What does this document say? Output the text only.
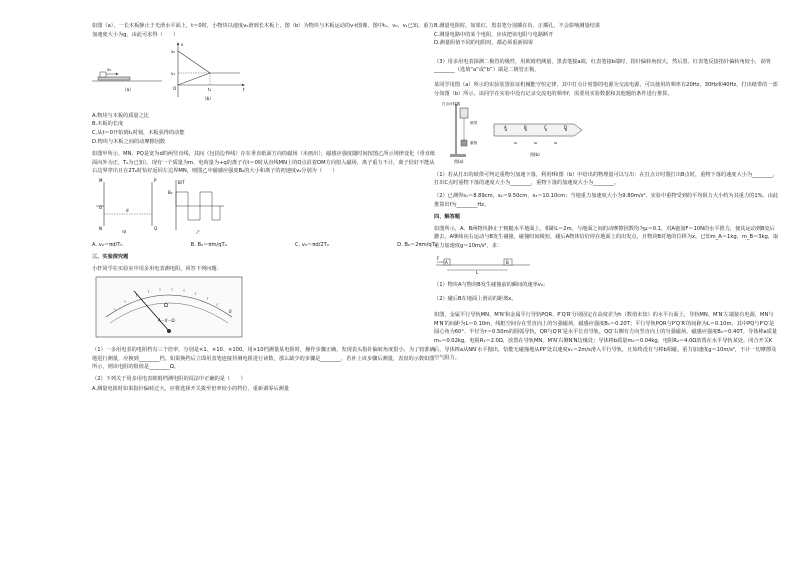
如图（a），一长木板静止于光滑水平面上，t＝0时，小物块以速度v₀滑到长木板上，图（b）为物块与木板运动的v-t图像，图中t₁、v₀、v₁已知，重力加速度大小为g，由此可求得（　　）

v₀
（a）
v
v₀
v₁
O	t₁	t
（b）

A.物块与木板的质量之比

B.木板的长度

C.从t＝0开始到t₁时刻，木板获得的动能

D.物块与木板之间的动摩擦因数

如图甲所示，MN、PQ是宽为d的两竖直线，其间（包括边界线）存在垂直纸面方向的磁场（未画出），磁感应强度随时间按图乙所示规律变化（垂直纸面向外为正，T₀为已知）。现有一个质量为m、电荷量为+q的离子在t＝0时从直线MN上的O点沿着OM方向射入磁场，离子重力不计，离子恰好不能从右边界穿出且在2T₀时恰好返回左边界MN，则图乙中磁感应强度B₀的大小和离子的初速度v₀分别为（　　）

M
N
P
Q
O
d
甲
B/T
B₀
乙
A. v₀＝πd/T₀	B. B₀＝πm/qT₀	C. v₀＝πd/2T₀	D. B₀＝2πm/qT₀

三、实验探究题

小轩同学在实验室中用多用电表测电阻，回答下列问题：

Ω
A－V－Ω
0

（1）一多用电表的电阻档有三个倍率，分别是×1、×10、×100。用×10档测量某电阻时，操作步骤正确，发现表头指针偏转角度很小，为了较准确地进行测量，应换到________档。如果换档后立即用表笔连接待测电阻进行读数，那么缺少的步骤是________，若补上该步骤后测量，表盘的示数如图所示，则该电阻的阻值是________Ω。

（2）下列关于用多用电表欧姆档测电阻的说法中正确的是（　　）

A.测量电阻时如果指针偏转过大，应将选择开关拨至倍率较小的档位，重新调零后测量

B.测量电阻时，如果红、黑表笔分别插在负、正插孔，不会影响测量结果

C.测量电路中的某个电阻，应该把该电阻与电路断开

D.测量阻值不同的电阻时，都必须重新调零

（3）用多用电表探测二极管的极性，用欧姆档测量，黑表笔接a端，红表笔接b端时，指针偏转角较大，然后黑、红表笔反接指针偏转角较小，说明________（选填“a”或“b”）端是二极管正极。

某同学用图（a）所示的实验装置验证机械能守恒定律，其中打点计时器的电源为交流电源，可以使用的频率有20Hz、30Hz和40Hz，打出纸带的一部分如图（b）所示。该同学在实验中没有记录交流电的频率f，需要用实验数据和其他题给条件进行推算。

打点计时器
纸带
重物
图(a)
A	B	C	D
s₁	s₂	s₃
图(b)

（1）若从打出的纸带可判定重物匀加速下落，利用f和图（b）中给出的物理量可以写出：在打点计时器打出B点时，重物下落的速度大小为________，打出C点时重物下落的速度大小为________，重物下落的加速度大小为________。

（2）已测得s₁＝8.89cm，s₂＝9.50cm，s₃＝10.10cm；当地重力加速度大小为9.80m/s²，实验中重物受到的平均阻力大小约为其重力的1%。由此推算出f为________Hz。

四、解答题

如图所示，A、B两物块静止于粗糙水平地面上，相距L＝2m，与地面之间的动摩擦因数均为μ＝0.1，对A施加F＝10N的水平推力，使其运动到B处后撤去，A继续向右运动与B发生碰撞，碰撞时间极短，碰后A物体恰好停在地面上的出发点，且物块B对地的位移为x，已知m_A＝1kg，m_B＝3kg，取重力加速度g＝10m/s²，求：

F
A	B
L

（1）物块A与物块B发生碰撞前的瞬间的速率v₀；

（2）碰后B在地面上滑动的距离x。

如图，金属平行导轨MN、M′N′和金属平行导轨PQR、P′Q′R′分别固定在高度差为h（数值未知）的水平台面上，导轨MN、M′N′左端接有电源，MN与M′N′的间距为L＝0.10m，线框空间存在竖直向上的匀强磁场，磁感应强度B₁＝0.20T；平行导轨PQR与P′Q′R′的间距为L＝0.10m，其中PQ与P′Q′是圆心角为60°、半径为r＝0.50m的圆弧导轨，QR与Q′R′是水平长直导轨，QQ′右侧有方向竖直向上的匀强磁场，磁感应强度B₂＝0.40T。导体棒a质量m₁＝0.02kg，电阻R₁＝2.0Ω，放置在导轨MN、M′N′右侧N′N边缘处；导体棒b质量m₂＝0.04kg，电阻R₂＝4.0Ω放置在水平导轨某处。闭合开关K后，导体棒a从NN′水平抛出，恰能无碰撞地从PP′处以速度v₁＝2m/s滑入平行导轨，且始终没有与棒b相碰。重力加速度g＝10m/s²，不计一切摩擦及空气阻力。
